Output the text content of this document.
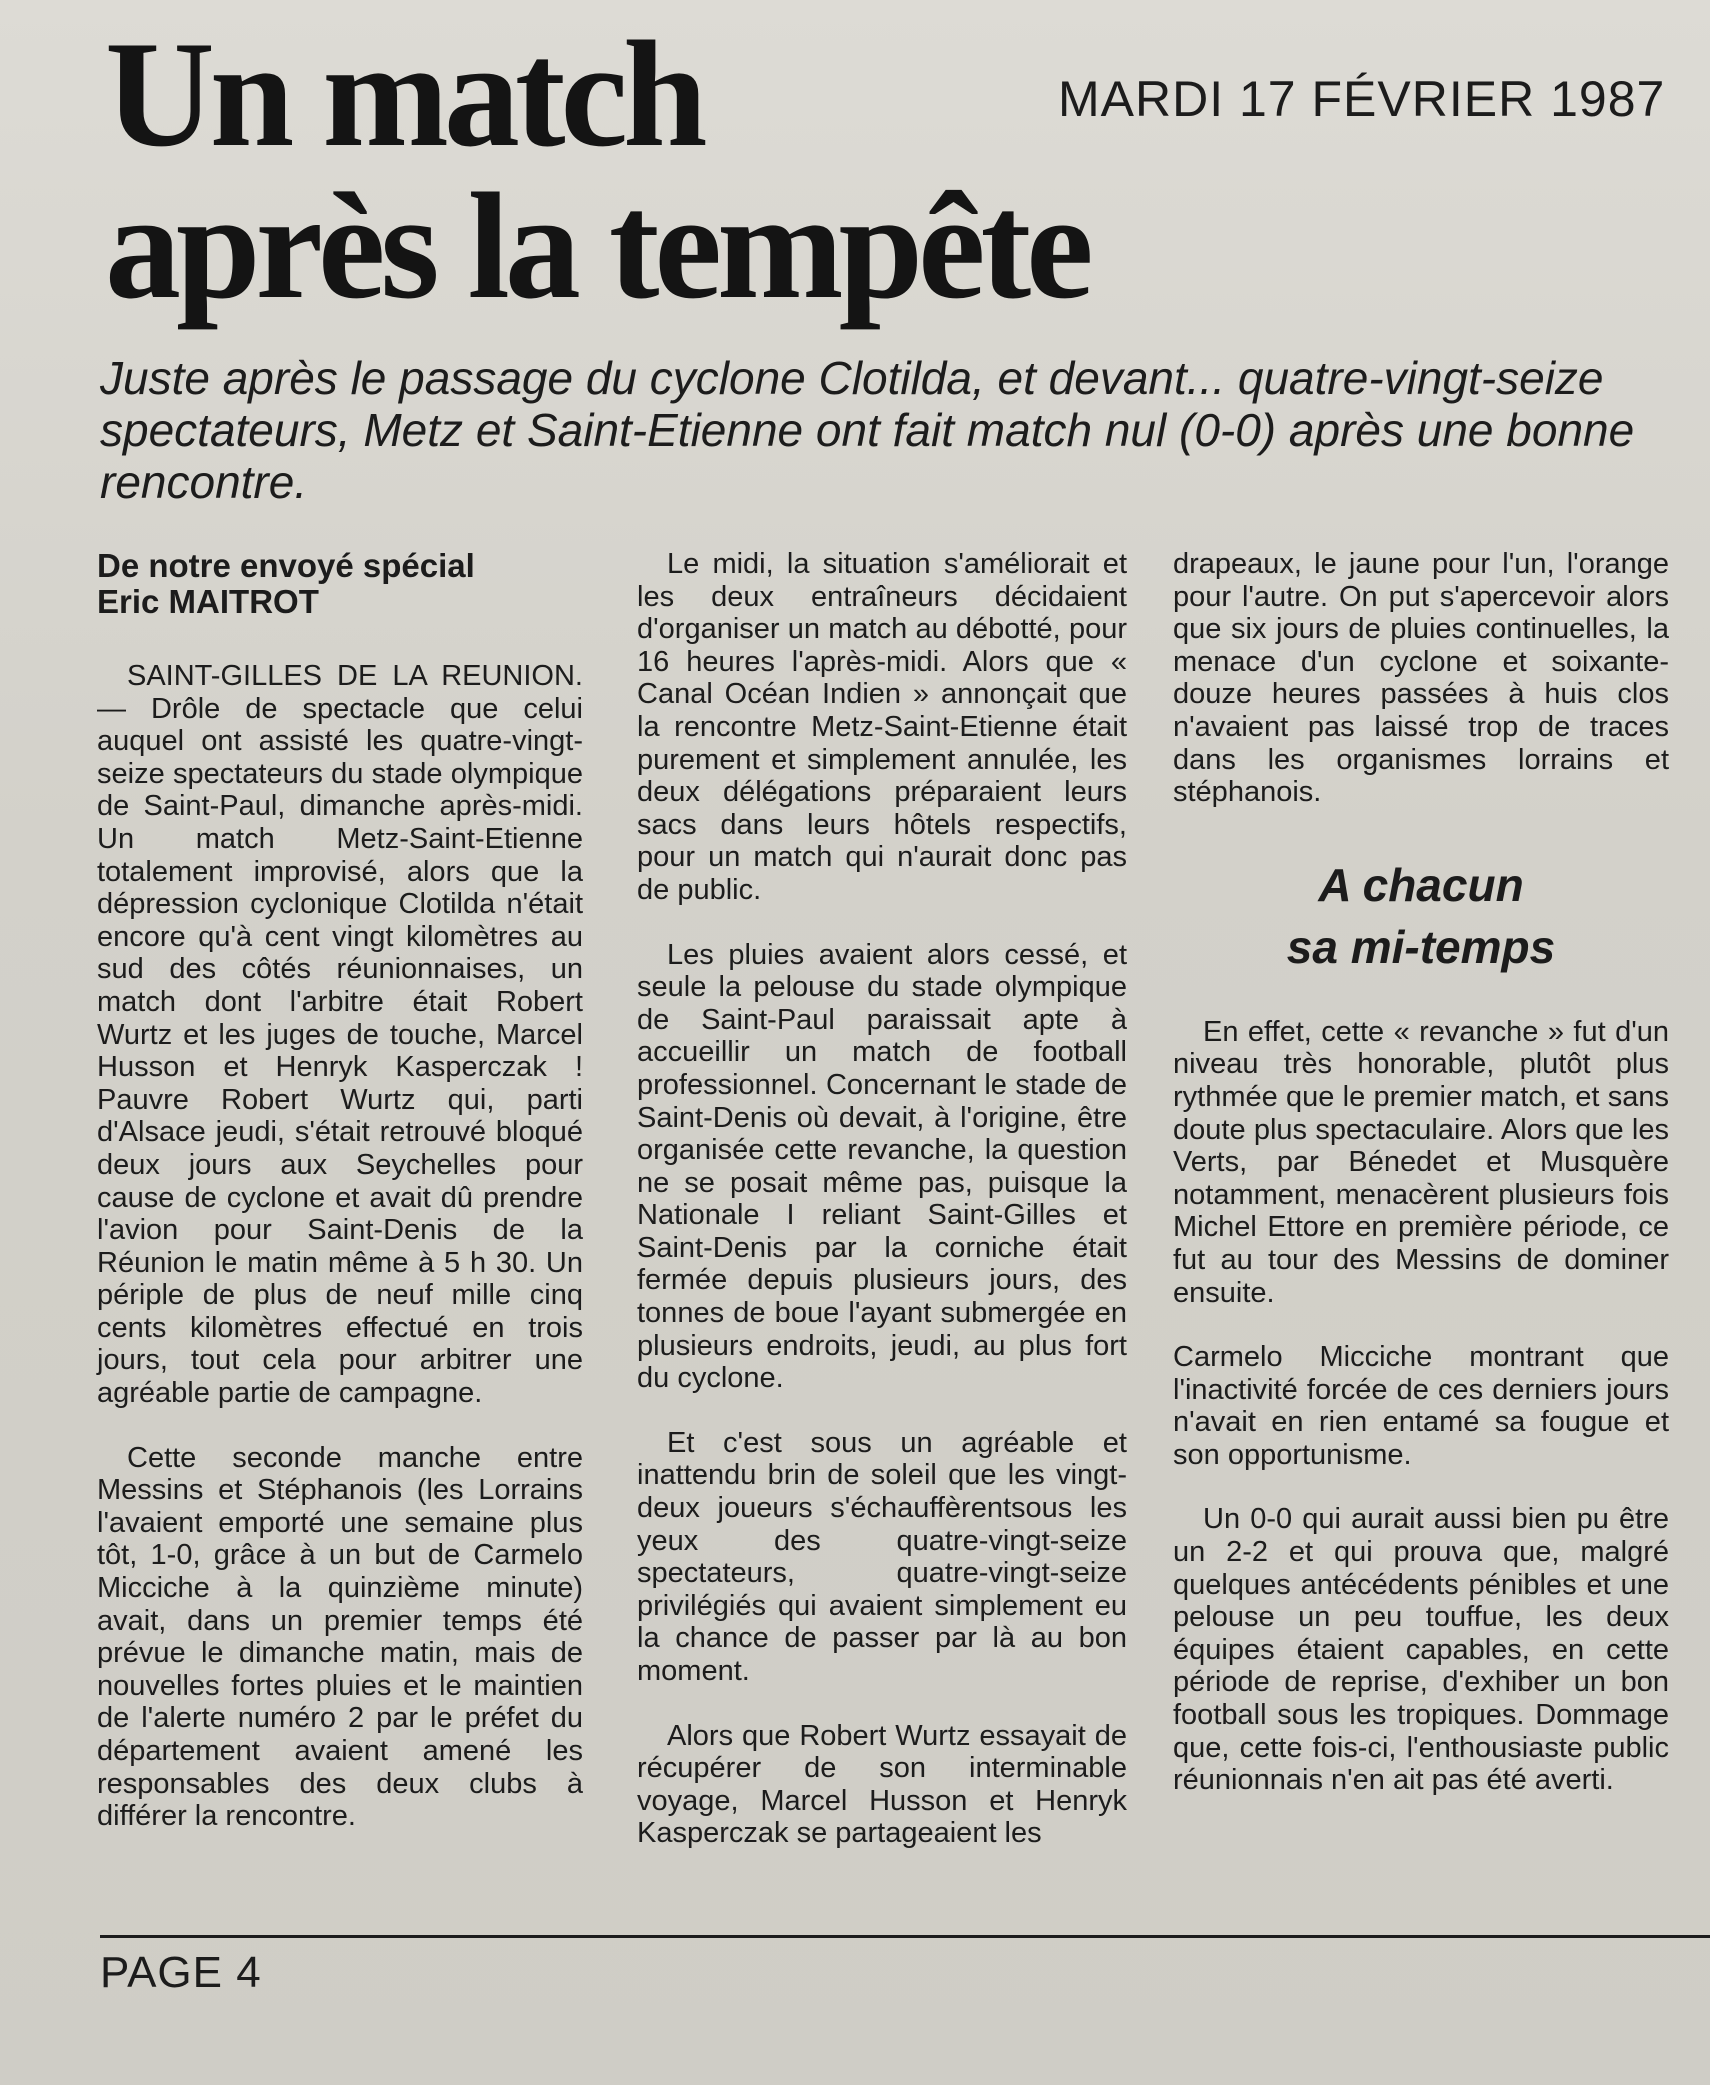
Un match
après la tempête
MARDI 17 FÉVRIER 1987

Juste après le passage du cyclone Clotilda, et devant... quatre-vingt-seize spectateurs, Metz et Saint-Etienne ont fait match nul (0-0) après une bonne rencontre.

De notre envoyé spécial
Eric MAITROT

SAINT-GILLES DE LA REUNION. — Drôle de spectacle que celui auquel ont assisté les quatre-vingt-seize spectateurs du stade olympique de Saint-Paul, dimanche après-midi. Un match Metz-Saint-Etienne totalement improvisé, alors que la dépression cyclonique Clotilda n'était encore qu'à cent vingt kilomètres au sud des côtés réunionnaises, un match dont l'arbitre était Robert Wurtz et les juges de touche, Marcel Husson et Henryk Kasperczak ! Pauvre Robert Wurtz qui, parti d'Alsace jeudi, s'était retrouvé bloqué deux jours aux Seychelles pour cause de cyclone et avait dû prendre l'avion pour Saint-Denis de la Réunion le matin même à 5 h 30. Un périple de plus de neuf mille cinq cents kilomètres effectué en trois jours, tout cela pour arbitrer une agréable partie de campagne.

Cette seconde manche entre Messins et Stéphanois (les Lorrains l'avaient emporté une semaine plus tôt, 1-0, grâce à un but de Carmelo Micciche à la quinzième minute) avait, dans un premier temps été prévue le dimanche matin, mais de nouvelles fortes pluies et le maintien de l'alerte numéro 2 par le préfet du département avaient amené les responsables des deux clubs à différer la rencontre.

Le midi, la situation s'améliorait et les deux entraîneurs décidaient d'organiser un match au débotté, pour 16 heures l'après-midi. Alors que « Canal Océan Indien » annonçait que la rencontre Metz-Saint-Etienne était purement et simplement annulée, les deux délégations préparaient leurs sacs dans leurs hôtels respectifs, pour un match qui n'aurait donc pas de public.

Les pluies avaient alors cessé, et seule la pelouse du stade olympique de Saint-Paul paraissait apte à accueillir un match de football professionnel. Concernant le stade de Saint-Denis où devait, à l'origine, être organisée cette revanche, la question ne se posait même pas, puisque la Nationale I reliant Saint-Gilles et Saint-Denis par la corniche était fermée depuis plusieurs jours, des tonnes de boue l'ayant submergée en plusieurs endroits, jeudi, au plus fort du cyclone.

Et c'est sous un agréable et inattendu brin de soleil que les vingt-deux joueurs s'échauffèrentsous les yeux des quatre-vingt-seize spectateurs, quatre-vingt-seize privilégiés qui avaient simplement eu la chance de passer par là au bon moment.

Alors que Robert Wurtz essayait de récupérer de son interminable voyage, Marcel Husson et Henryk Kasperczak se partageaient les

drapeaux, le jaune pour l'un, l'orange pour l'autre. On put s'apercevoir alors que six jours de pluies continuelles, la menace d'un cyclone et soixante-douze heures passées à huis clos n'avaient pas laissé trop de traces dans les organismes lorrains et stéphanois.

A chacun
sa mi-temps

En effet, cette « revanche » fut d'un niveau très honorable, plutôt plus rythmée que le premier match, et sans doute plus spectaculaire. Alors que les Verts, par Bénedet et Musquère notamment, menacèrent plusieurs fois Michel Ettore en première période, ce fut au tour des Messins de dominer ensuite.

Carmelo Micciche montrant que l'inactivité forcée de ces derniers jours n'avait en rien entamé sa fougue et son opportunisme.

Un 0-0 qui aurait aussi bien pu être un 2-2 et qui prouva que, malgré quelques antécédents pénibles et une pelouse un peu touffue, les deux équipes étaient capables, en cette période de reprise, d'exhiber un bon football sous les tropiques. Dommage que, cette fois-ci, l'enthousiaste public réunionnais n'en ait pas été averti.

PAGE 4
